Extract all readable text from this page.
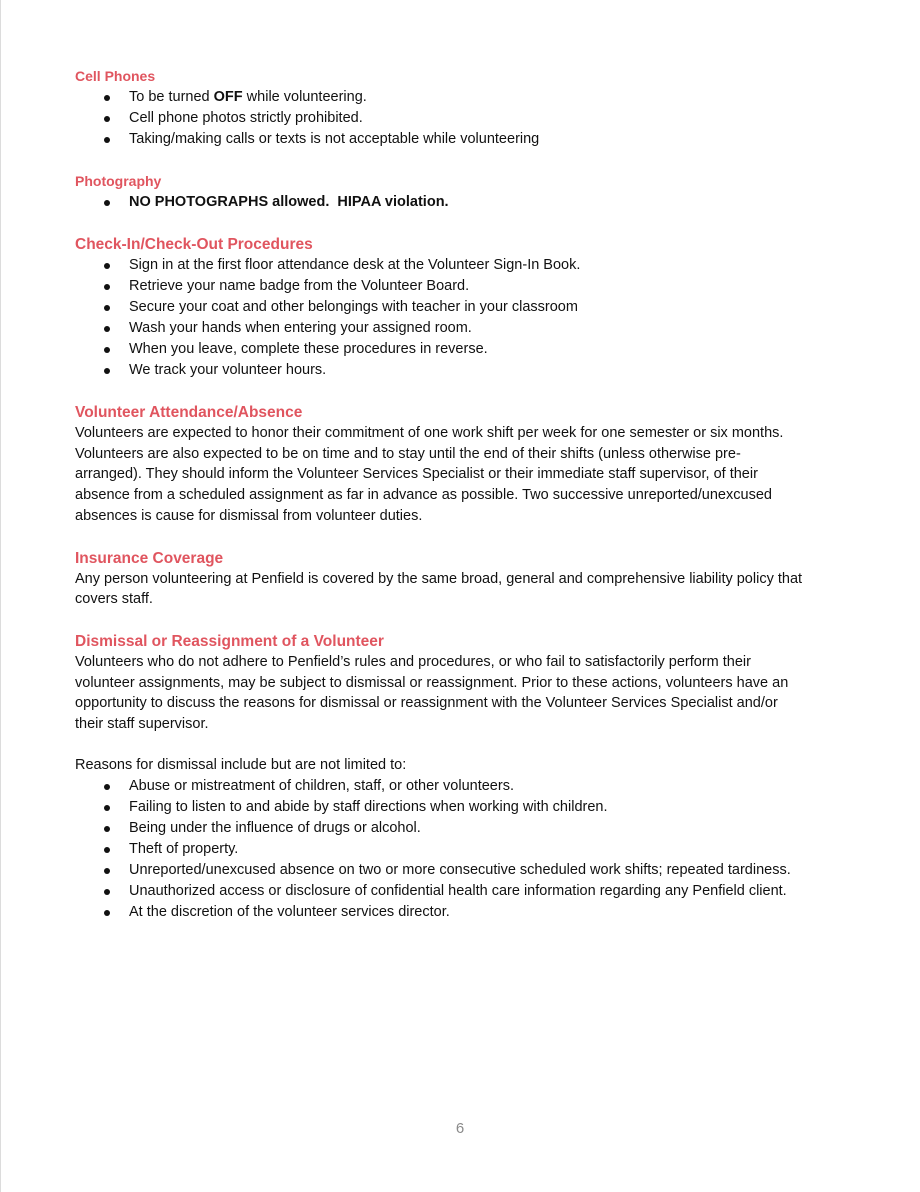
Cell Phones
To be turned OFF while volunteering.
Cell phone photos strictly prohibited.
Taking/making calls or texts is not acceptable while volunteering
Photography
NO PHOTOGRAPHS allowed.  HIPAA violation.
Check-In/Check-Out Procedures
Sign in at the first floor attendance desk at the Volunteer Sign-In Book.
Retrieve your name badge from the Volunteer Board.
Secure your coat and other belongings with teacher in your classroom
Wash your hands when entering your assigned room.
When you leave, complete these procedures in reverse.
We track your volunteer hours.
Volunteer Attendance/Absence

Volunteers are expected to honor their commitment of one work shift per week for one semester or six months.
Volunteers are also expected to be on time and to stay until the end of their shifts (unless otherwise pre-
arranged). They should inform the Volunteer Services Specialist or their immediate staff supervisor, of their
absence from a scheduled assignment as far in advance as possible. Two successive unreported/unexcused
absences is cause for dismissal from volunteer duties.

Insurance Coverage

Any person volunteering at Penfield is covered by the same broad, general and comprehensive liability policy that
covers staff.

Dismissal or Reassignment of a Volunteer

Volunteers who do not adhere to Penfield’s rules and procedures, or who fail to satisfactorily perform their
volunteer assignments, may be subject to dismissal or reassignment. Prior to these actions, volunteers have an
opportunity to discuss the reasons for dismissal or reassignment with the Volunteer Services Specialist and/or
their staff supervisor.

Reasons for dismissal include but are not limited to:

Abuse or mistreatment of children, staff, or other volunteers.
Failing to listen to and abide by staff directions when working with children.
Being under the influence of drugs or alcohol.
Theft of property.
Unreported/unexcused absence on two or more consecutive scheduled work shifts; repeated tardiness.
Unauthorized access or disclosure of confidential health care information regarding any Penfield client.
At the discretion of the volunteer services director.
6
